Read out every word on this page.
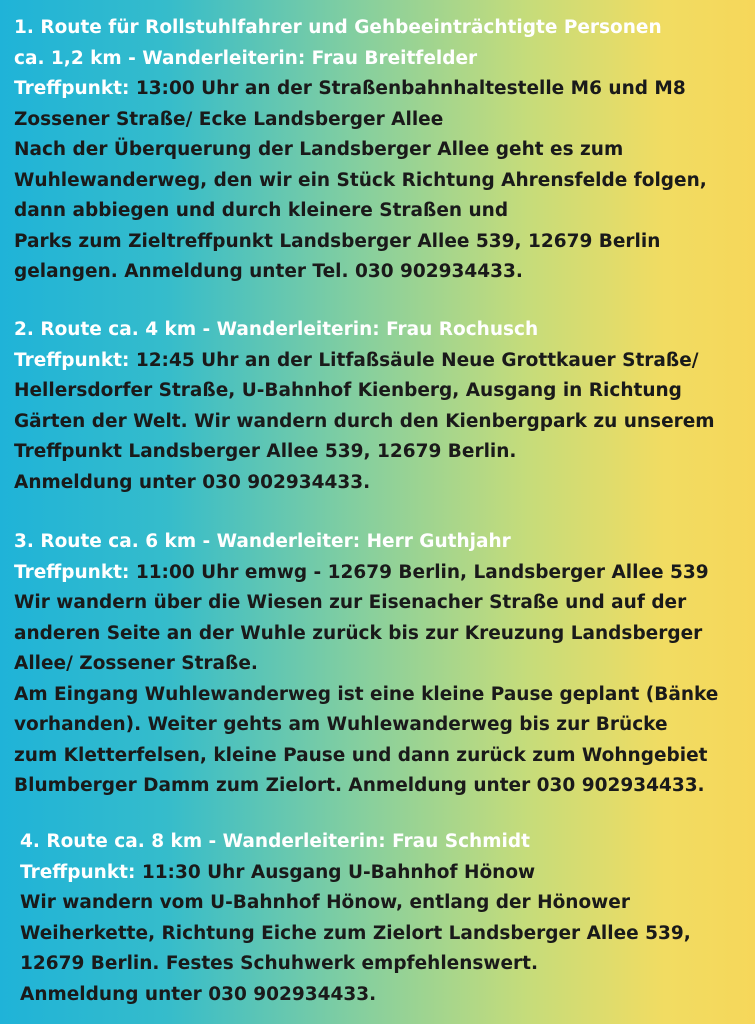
1. Route für Rollstuhlfahrer und Gehbeeinträchtigte Personen
ca. 1,2 km - Wanderleiterin: Frau Breitfelder
Treffpunkt: 13:00 Uhr an der Straßenbahnhaltestelle M6 und M8
Zossener Straße/ Ecke Landsberger Allee
Nach der Überquerung der Landsberger Allee geht es zum
Wuhlewanderweg, den wir ein Stück Richtung Ahrensfelde folgen,
dann abbiegen und durch kleinere Straßen und
Parks zum Zieltreffpunkt Landsberger Allee 539, 12679 Berlin
gelangen. Anmeldung unter Tel. 030 902934433.
2. Route ca. 4 km - Wanderleiterin: Frau Rochusch
Treffpunkt: 12:45 Uhr an der Litfaßsäule Neue Grottkauer Straße/
Hellersdorfer Straße, U-Bahnhof Kienberg, Ausgang in Richtung
Gärten der Welt. Wir wandern durch den Kienbergpark zu unserem
Treffpunkt Landsberger Allee 539, 12679 Berlin.
Anmeldung unter 030 902934433.
3. Route ca. 6 km - Wanderleiter: Herr Guthjahr
Treffpunkt: 11:00 Uhr emwg - 12679 Berlin, Landsberger Allee 539
Wir wandern über die Wiesen zur Eisenacher Straße und auf der
anderen Seite an der Wuhle zurück bis zur Kreuzung Landsberger
Allee/ Zossener Straße.
Am Eingang Wuhlewanderweg ist eine kleine Pause geplant (Bänke
vorhanden). Weiter gehts am Wuhlewanderweg bis zur Brücke
zum Kletterfelsen, kleine Pause und dann zurück zum Wohngebiet
Blumberger Damm zum Zielort. Anmeldung unter 030 902934433.
4. Route ca. 8 km - Wanderleiterin: Frau Schmidt
Treffpunkt: 11:30 Uhr Ausgang U-Bahnhof Hönow
Wir wandern vom U-Bahnhof Hönow, entlang der Hönower
Weiherkette, Richtung Eiche zum Zielort Landsberger Allee 539,
12679 Berlin. Festes Schuhwerk empfehlenswert.
Anmeldung unter 030 902934433.
